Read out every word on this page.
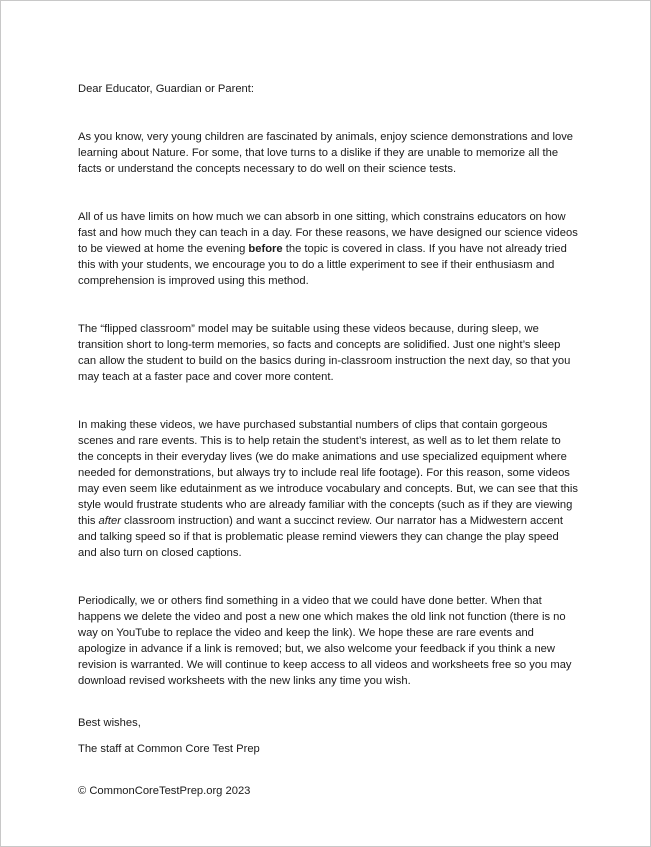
Dear Educator, Guardian or Parent:

As you know, very young children are fascinated by animals, enjoy science demonstrations and love learning about Nature. For some, that love turns to a dislike if they are unable to memorize all the facts or understand the concepts necessary to do well on their science tests.

All of us have limits on how much we can absorb in one sitting, which constrains educators on how fast and how much they can teach in a day. For these reasons, we have designed our science videos to be viewed at home the evening before the topic is covered in class. If you have not already tried this with your students, we encourage you to do a little experiment to see if their enthusiasm and comprehension is improved using this method.

The “flipped classroom” model may be suitable using these videos because, during sleep, we transition short to long-term memories, so facts and concepts are solidified. Just one night’s sleep can allow the student to build on the basics during in-classroom instruction the next day, so that you may teach at a faster pace and cover more content.

In making these videos, we have purchased substantial numbers of clips that contain gorgeous scenes and rare events. This is to help retain the student’s interest, as well as to let them relate to the concepts in their everyday lives (we do make animations and use specialized equipment where needed for demonstrations, but always try to include real life footage). For this reason, some videos may even seem like edutainment as we introduce vocabulary and concepts. But, we can see that this style would frustrate students who are already familiar with the concepts (such as if they are viewing this after classroom instruction) and want a succinct review. Our narrator has a Midwestern accent and talking speed so if that is problematic please remind viewers they can change the play speed and also turn on closed captions.

Periodically, we or others find something in a video that we could have done better. When that happens we delete the video and post a new one which makes the old link not function (there is no way on YouTube to replace the video and keep the link). We hope these are rare events and apologize in advance if a link is removed; but, we also welcome your feedback if you think a new revision is warranted. We will continue to keep access to all videos and worksheets free so you may download revised worksheets with the new links any time you wish.

Best wishes,

The staff at Common Core Test Prep

© CommonCoreTestPrep.org 2023
